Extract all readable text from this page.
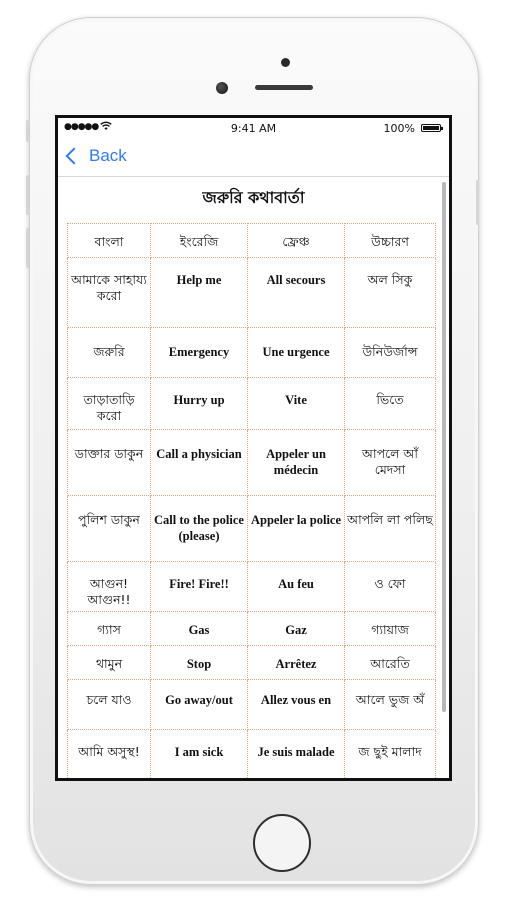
●●●●●	9:41 AM	100%
Back
জরুরি কথাবার্তা
বাংলা	ইংরেজি	ফ্রেঞ্চ	উচ্চারণ
আমাকে সাহায্য করো	Help me	All secours	অল সিকু
জরুরি	Emergency	Une urgence	উনিউর্জান্স
তাড়াতাড়ি করো	Hurry up	Vite	ভিতে
ডাক্তার ডাকুন	Call a physician	Appeler un médecin	আপলে আঁ মেদসা
পুলিশ ডাকুন	Call to the police (please)	Appeler la police	আপলি লা পলিছ
আগুন! আগুন!!	Fire! Fire!!	Au feu	ও ফো
গ্যাস	Gas	Gaz	গ্যায়াজ
থামুন	Stop	Arrêtez	আরেতি
চলে যাও	Go away/out	Allez vous en	আলে ভুজ অঁ
আমি অসুস্থ!	I am sick	Je suis malade	জ ছুই মালাদ
